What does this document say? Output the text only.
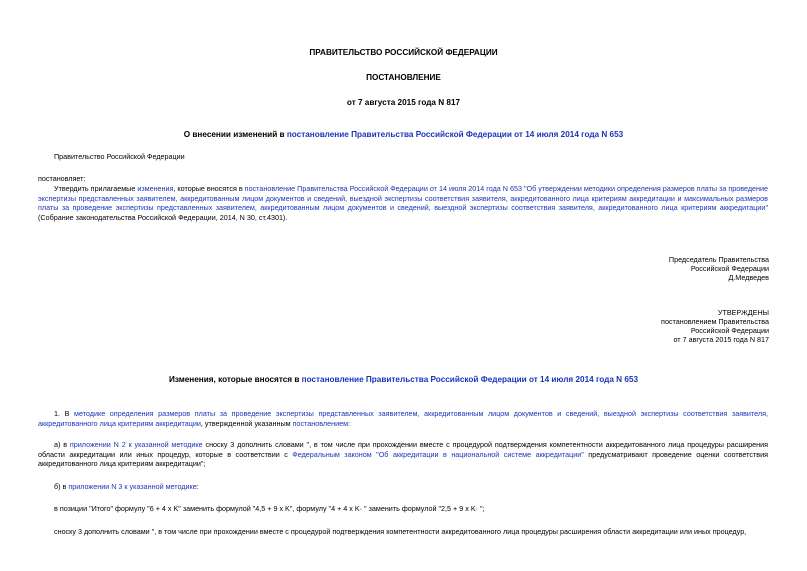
ПРАВИТЕЛЬСТВО РОССИЙСКОЙ ФЕДЕРАЦИИ
ПОСТАНОВЛЕНИЕ
от 7 августа 2015 года N 817
О внесении изменений в постановление Правительства Российской Федерации от 14 июля 2014 года N 653
Правительство Российской Федерации
постановляет:
Утвердить прилагаемые изменения, которые вносятся в постановление Правительства Российской Федерации от 14 июля 2014 года N 653 "Об утверждении методики определения размеров платы за проведение экспертизы представленных заявителем, аккредитованным лицом документов и сведений, выездной экспертизы соответствия заявителя, аккредитованного лица критериям аккредитации и максимальных размеров платы за проведение экспертизы представленных заявителем, аккредитованным лицом документов и сведений, выездной экспертизы соответствия заявителя, аккредитованного лица критериям аккредитации" (Собрание законодательства Российской Федерации, 2014, N 30, ст.4301).
Председатель Правительства
Российской Федерации
Д.Медведев
УТВЕРЖДЕНЫ
постановлением Правительства
Российской Федерации
от 7 августа 2015 года N 817
Изменения, которые вносятся в постановление Правительства Российской Федерации от 14 июля 2014 года N 653
1. В методике определения размеров платы за проведение экспертизы представленных заявителем, аккредитованным лицом документов и сведений, выездной экспертизы соответствия заявителя, аккредитованного лица критериям аккредитации, утвержденной указанным постановлением:
а) в приложении N 2 к указанной методике сноску 3 дополнить словами ", в том числе при прохождении вместе с процедурой подтверждения компетентности аккредитованного лица процедуры расширения области аккредитации или иных процедур, которые в соответствии с Федеральным законом "Об аккредитации в национальной системе аккредитации" предусматривают проведение оценки соответствия аккредитованного лица критериям аккредитации";
б) в приложении N 3 к указанной методике:
в позиции "Итого" формулу "6 + 4 x K" заменить формулой "4,5 + 9 x K", формулу "4 + 4 x K· " заменить формулой "2,5 + 9 x K· ";
сноску 3 дополнить словами ", в том числе при прохождении вместе с процедурой подтверждения компетентности аккредитованного лица процедуры расширения области аккредитации или иных процедур,
